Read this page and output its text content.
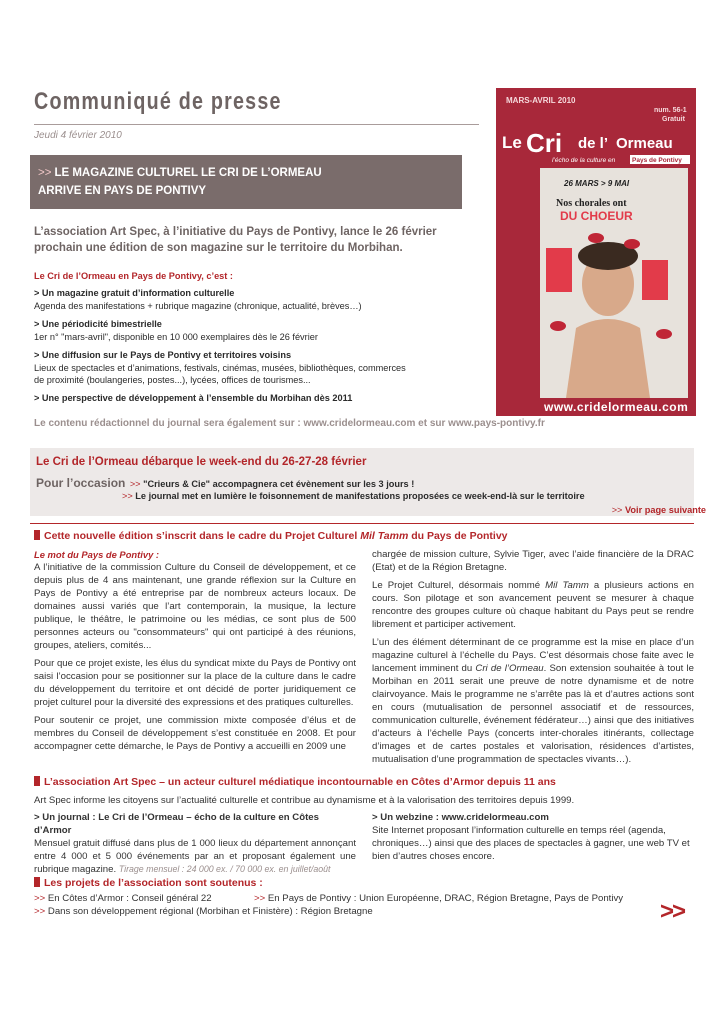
Communiqué de presse
Jeudi 4 février 2010
>> LE MAGAZINE CULTUREL LE CRI DE L’ORMEAU
ARRIVE EN PAYS DE PONTIVY
L’association Art Spec, à l’initiative du Pays de Pontivy, lance le 26 février
prochain une édition de son magazine sur le territoire du Morbihan.
Le Cri de l’Ormeau en Pays de Pontivy, c’est :
> Un magazine gratuit d’information culturelle
Agenda des manifestations + rubrique magazine (chronique, actualité, brèves…)
> Une périodicité bimestrielle
1er n° "mars-avril", disponible en 10 000 exemplaires dès le 26 février
> Une diffusion sur le Pays de Pontivy et territoires voisins
Lieux de spectacles et d’animations, festivals, cinémas, musées, bibliothèques, commerces
de proximité (boulangeries, postes...), lycées, offices de tourismes...
> Une perspective de développement à l’ensemble du Morbihan dès 2011
Le contenu rédactionnel du journal sera également sur : www.cridelormeau.com et sur www.pays-pontivy.fr
MARS-AVRIL 2010
num. 56-1
Gratuit
Le Cri de l’ Ormeau
l’écho de la culture en	Pays de Pontivy
26 MARS > 9 MAI
Nos chorales ont
DU CHOEUR
www.cridelormeau.com
Le Cri de l’Ormeau débarque le week-end du 26-27-28 février
Pour l’occasion >> "Crieurs & Cie" accompagnera cet évènement sur les 3 jours !
>> Le journal met en lumière le foisonnement de manifestations proposées ce week-end-là sur le territoire
>> Voir page suivante
Cette nouvelle édition s’inscrit dans le cadre du Projet Culturel Mil Tamm du Pays de Pontivy
Le mot du Pays de Pontivy :

A l’initiative de la commission Culture du Conseil de développement, et ce depuis plus de 4 ans maintenant, une grande réflexion sur la Culture en Pays de Pontivy a été entreprise par de nombreux acteurs locaux. De domaines aussi variés que l’art contemporain, la musique, la lecture publique, le théâtre, le patrimoine ou les médias, ce sont plus de 500 personnes acteurs ou "consommateurs" qui ont participé à des réunions, groupes, ateliers, comités...

Pour que ce projet existe, les élus du syndicat mixte du Pays de Pontivy ont saisi l’occasion pour se positionner sur la place de la culture dans le cadre du développement du territoire et ont décidé de porter juridiquement ce projet culturel pour la diversité des expressions et des pratiques culturelles.

Pour soutenir ce projet, une commission mixte composée d’élus et de membres du Conseil de développement s’est constituée en 2008. Et pour accompagner cette démarche, le Pays de Pontivy a accueilli en 2009 une

chargée de mission culture, Sylvie Tiger, avec l’aide financière de la DRAC (Etat) et de la Région Bretagne.

Le Projet Culturel, désormais nommé Mil Tamm a plusieurs actions en cours. Son pilotage et son avancement peuvent se mesurer à chaque rencontre des groupes culture où chaque habitant du Pays peut se rendre librement et participer activement.

L’un des élément déterminant de ce programme est la mise en place d’un magazine culturel à l’échelle du Pays. C’est désormais chose faite avec le lancement imminent du Cri de l’Ormeau. Son extension souhaitée à tout le Morbihan en 2011 serait une preuve de notre dynamisme et de notre clairvoyance. Mais le programme ne s’arrête pas là et d’autres actions sont en cours (mutualisation de personnel associatif et de ressources, communication culturelle, événement fédérateur…) ainsi que des initiatives d’acteurs à l’échelle Pays (concerts inter-chorales itinérants, collectage d’images et de cartes postales et valorisation, résidences d’artistes, mutualisation d’une programmation de spectacles vivants…).

L’association Art Spec – un acteur culturel médiatique incontournable en Côtes d’Armor depuis 11 ans
Art Spec informe les citoyens sur l’actualité culturelle et contribue au dynamisme et à la valorisation des territoires depuis 1999.
> Un journal : Le Cri de l’Ormeau – écho de la culture en Côtes d’Armor
Mensuel gratuit diffusé dans plus de 1 000 lieux du département annonçant entre 4 000 et 5 000 événements par an et proposant également une rubrique magazine. Tirage mensuel : 24 000 ex. / 70 000 ex. en juillet/août
> Un webzine : www.cridelormeau.com
Site Internet proposant l’information culturelle en temps réel (agenda, chroniques…) ainsi que des places de spectacles à gagner, une web TV et bien d’autres choses encore.
Les projets de l’association sont soutenus :
>> En Côtes d’Armor : Conseil général 22	>> En Pays de Pontivy : Union Européenne, DRAC, Région Bretagne, Pays de Pontivy
>> Dans son développement régional (Morbihan et Finistère) : Région Bretagne	>>
